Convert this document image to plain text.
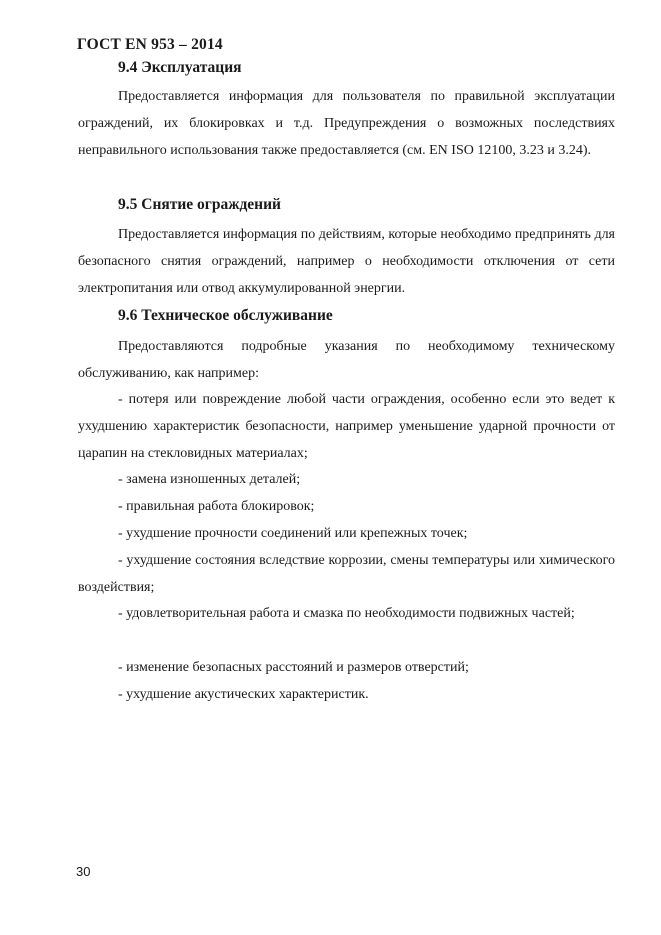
ГОСТ EN 953 – 2014
9.4 Эксплуатация

Предоставляется информация для пользователя по правильной эксплуатации ограждений, их блокировках и т.д. Предупреждения о возможных последствиях неправильного использования также предоставляется (см. EN ISO 12100, 3.23 и 3.24).

9.5 Снятие ограждений

Предоставляется информация по действиям, которые необходимо предпринять для безопасного снятия ограждений, например о необходимости отключения от сети электропитания или отвод аккумулированной энергии.

9.6 Техническое обслуживание

Предоставляются подробные указания по необходимому техническому обслуживанию, как например:

- потеря или повреждение любой части ограждения, особенно если это ведет к ухудшению характеристик безопасности, например уменьшение ударной прочности от царапин на стекловидных материалах;

- замена изношенных деталей;

- правильная работа блокировок;

- ухудшение прочности соединений или крепежных точек;

- ухудшение состояния вследствие коррозии, смены температуры или химического воздействия;

- удовлетворительная работа и смазка по необходимости подвижных частей;

- изменение безопасных расстояний и размеров отверстий;

- ухудшение акустических характеристик.

30
